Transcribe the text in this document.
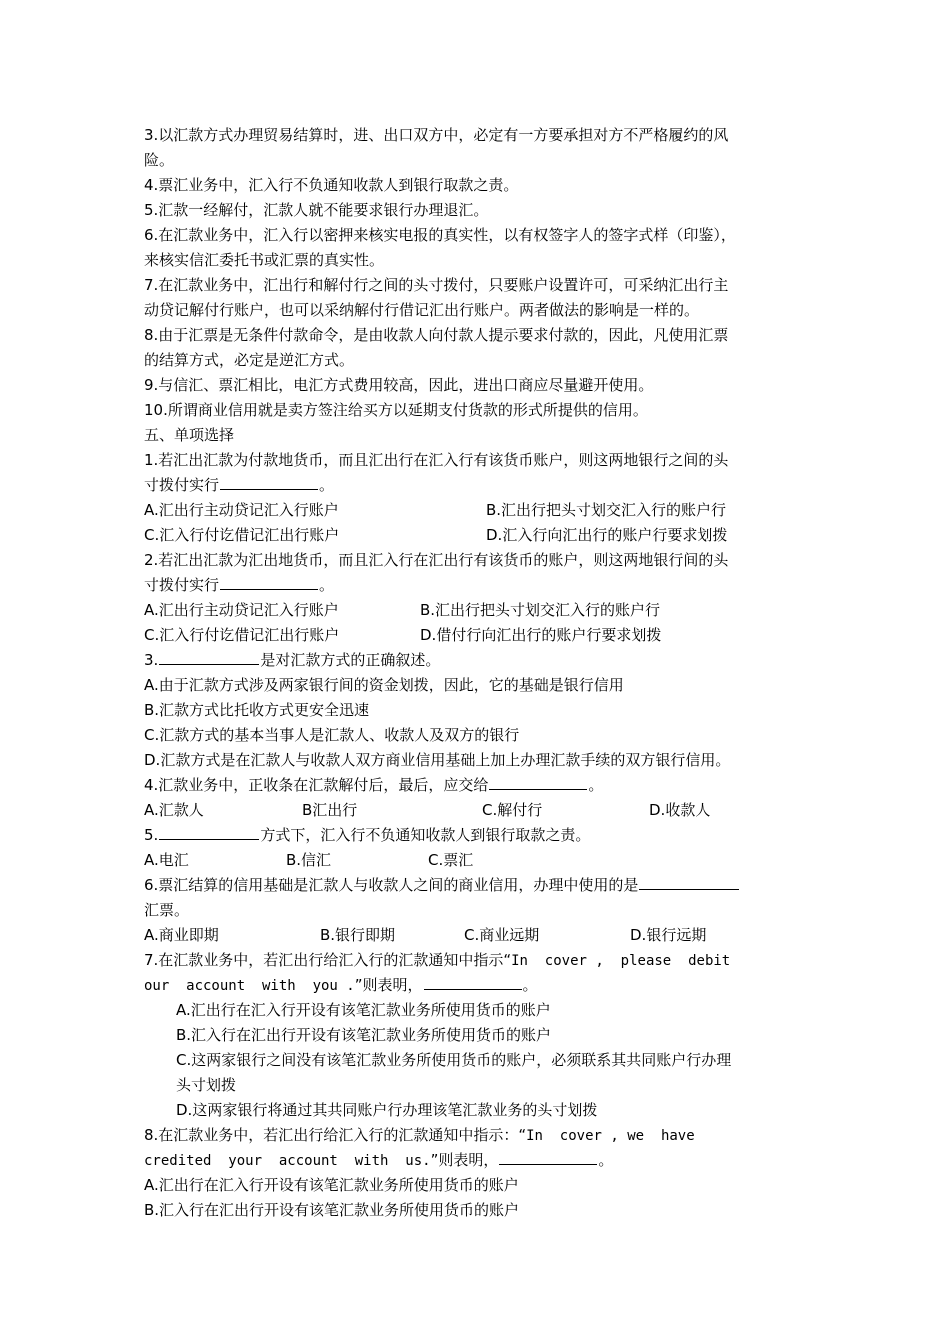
3.以汇款方式办理贸易结算时，进、出口双方中，必定有一方要承担对方不严格履约的风
险。
4.票汇业务中，汇入行不负通知收款人到银行取款之责。
5.汇款一经解付，汇款人就不能要求银行办理退汇。
6.在汇款业务中，汇入行以密押来核实电报的真实性，以有权签字人的签字式样（印鉴），
来核实信汇委托书或汇票的真实性。
7.在汇款业务中，汇出行和解付行之间的头寸拨付，只要账户设置许可，可采纳汇出行主
动贷记解付行账户，也可以采纳解付行借记汇出行账户。两者做法的影响是一样的。
8.由于汇票是无条件付款命令，是由收款人向付款人提示要求付款的，因此，凡使用汇票
的结算方式，必定是逆汇方式。
9.与信汇、票汇相比，电汇方式费用较高，因此，进出口商应尽量避开使用。
10.所谓商业信用就是卖方签注给买方以延期支付货款的形式所提供的信用。
五、单项选择
1.若汇出汇款为付款地货币，而且汇出行在汇入行有该货币账户，则这两地银行之间的头
寸拨付实行	。
A.汇出行主动贷记汇入行账户	B.汇出行把头寸划交汇入行的账户行
C.汇入行付讫借记汇出行账户	D.汇入行向汇出行的账户行要求划拨
2.若汇出汇款为汇出地货币，而且汇入行在汇出行有该货币的账户，则这两地银行间的头
寸拨付实行	。
A.汇出行主动贷记汇入行账户	B.汇出行把头寸划交汇入行的账户行
C.汇入行付讫借记汇出行账户	D.借付行向汇出行的账户行要求划拨
3.	是对汇款方式的正确叙述。
A.由于汇款方式涉及两家银行间的资金划拨，因此，它的基础是银行信用
B.汇款方式比托收方式更安全迅速
C.汇款方式的基本当事人是汇款人、收款人及双方的银行
D.汇款方式是在汇款人与收款人双方商业信用基础上加上办理汇款手续的双方银行信用。
4.汇款业务中，正收条在汇款解付后，最后，应交给	。
A.汇款人	B汇出行	C.解付行	D.收款人
5.	方式下，汇入行不负通知收款人到银行取款之责。
A.电汇	B.信汇	C.票汇
6.票汇结算的信用基础是汇款人与收款人之间的商业信用，办理中使用的是
汇票。
A.商业即期	B.银行即期	C.商业远期	D.银行远期
7.在汇款业务中，若汇出行给汇入行的汇款通知中指示“In  cover ,  please  debit
our  account  with  you .”则表明，	。
A.汇出行在汇入行开设有该笔汇款业务所使用货币的账户
B.汇入行在汇出行开设有该笔汇款业务所使用货币的账户
C.这两家银行之间没有该笔汇款业务所使用货币的账户，必须联系其共同账户行办理
头寸划拨
D.这两家银行将通过其共同账户行办理该笔汇款业务的头寸划拨
8.在汇款业务中，若汇出行给汇入行的汇款通知中指示：“In  cover , we  have
credited  your  account  with  us.”则表明，	。
A.汇出行在汇入行开设有该笔汇款业务所使用货币的账户
B.汇入行在汇出行开设有该笔汇款业务所使用货币的账户
